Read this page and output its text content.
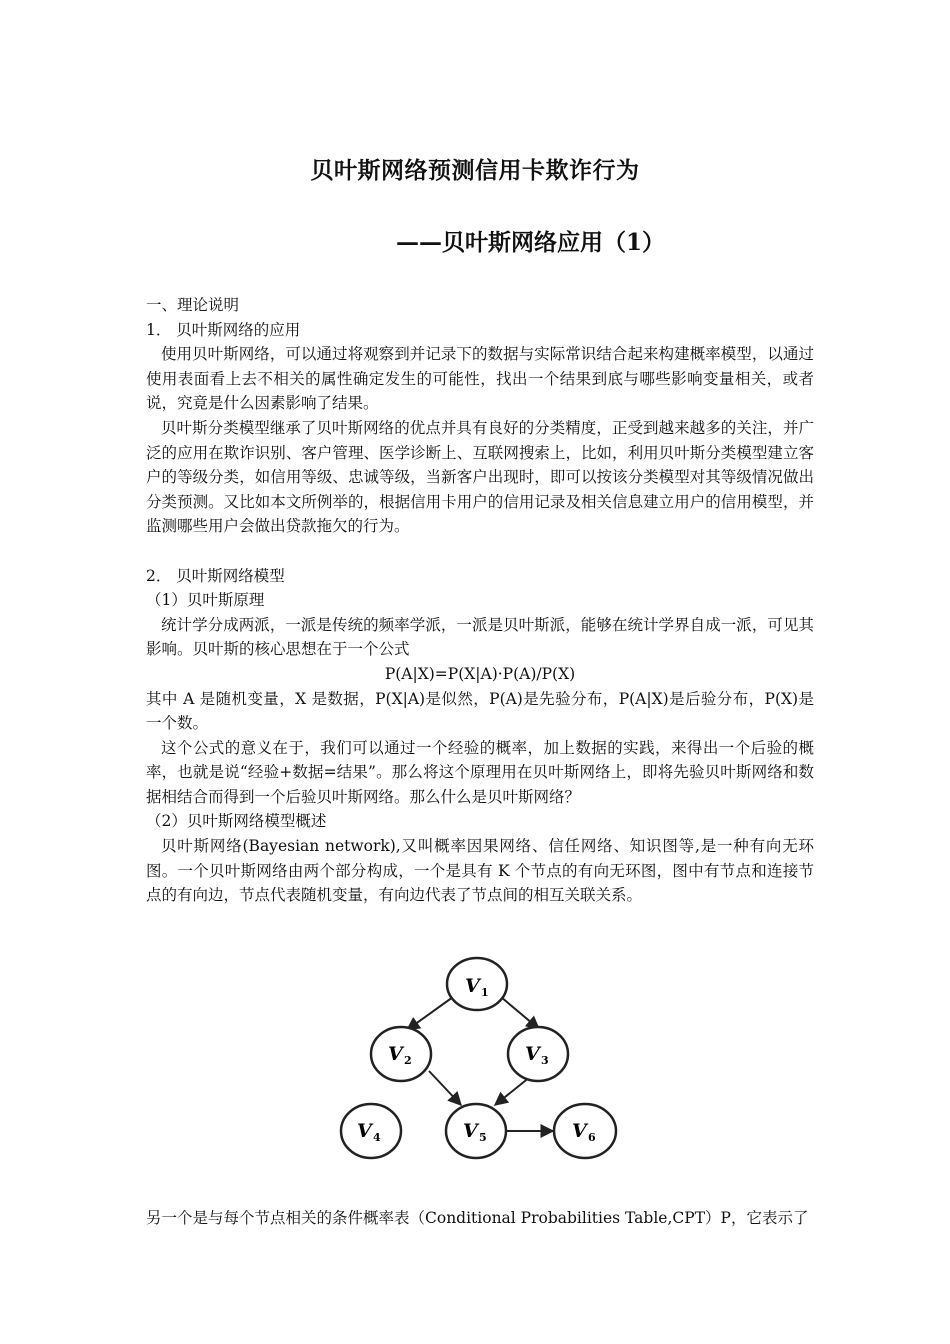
贝叶斯网络预测信用卡欺诈行为
——贝叶斯网络应用（1）

一、理论说明

1． 贝叶斯网络的应用

使用贝叶斯网络，可以通过将观察到并记录下的数据与实际常识结合起来构建概率模型，以通过使用表面看上去不相关的属性确定发生的可能性，找出一个结果到底与哪些影响变量相关，或者说，究竟是什么因素影响了结果。

贝叶斯分类模型继承了贝叶斯网络的优点并具有良好的分类精度，正受到越来越多的关注，并广泛的应用在欺诈识别、客户管理、医学诊断上、互联网搜索上，比如，利用贝叶斯分类模型建立客户的等级分类，如信用等级、忠诚等级，当新客户出现时，即可以按该分类模型对其等级情况做出分类预测。又比如本文所例举的，根据信用卡用户的信用记录及相关信息建立用户的信用模型，并监测哪些用户会做出贷款拖欠的行为。

2． 贝叶斯网络模型

（1）贝叶斯原理

统计学分成两派，一派是传统的频率学派，一派是贝叶斯派，能够在统计学界自成一派，可见其影响。贝叶斯的核心思想在于一个公式

P(A|X)=P(X|A)·P(A)/P(X)

其中 A 是随机变量，X 是数据，P(X|A)是似然，P(A)是先验分布，P(A|X)是后验分布，P(X)是一个数。

这个公式的意义在于，我们可以通过一个经验的概率，加上数据的实践，来得出一个后验的概率，也就是说“经验+数据=结果”。那么将这个原理用在贝叶斯网络上，即将先验贝叶斯网络和数据相结合而得到一个后验贝叶斯网络。那么什么是贝叶斯网络？

（2）贝叶斯网络模型概述

贝叶斯网络(Bayesian network),又叫概率因果网络、信任网络、知识图等,是一种有向无环图。一个贝叶斯网络由两个部分构成，一个是具有 K 个节点的有向无环图，图中有节点和连接节点的有向边，节点代表随机变量，有向边代表了节点间的相互关联关系。

V 1
V 2	V 3
V 4	V 5	V 6

另一个是与每个节点相关的条件概率表（Conditional Probabilities Table,CPT）P，它表示了
